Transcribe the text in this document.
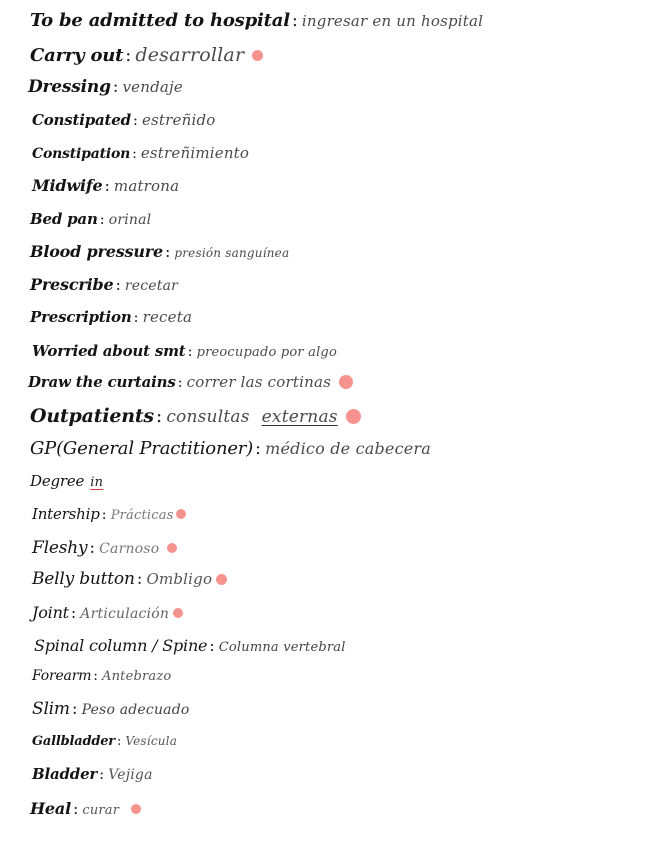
To be admitted to hospital : ingresar en un hospital
Carry out : desarrollar
Dressing : vendaje
Constipated : estreñido
Constipation : estreñimiento
Midwife : matrona
Bed pan : orinal
Blood pressure : presión sanguínea
Prescribe : recetar
Prescription : receta
Worried about smt : preocupado por algo
Draw the curtains : correr las cortinas
Outpatients : consultas externas
GP(General Practitioner) : médico de cabecera
Degree in
Intership : Prácticas
Fleshy : Carnoso
Belly button : Ombligo
Joint : Articulación
Spinal column / Spine : Columna vertebral
Forearm : Antebrazo
Slim : Peso adecuado
Gallbladder : Vesícula
Bladder : Vejiga
Heal : curar
